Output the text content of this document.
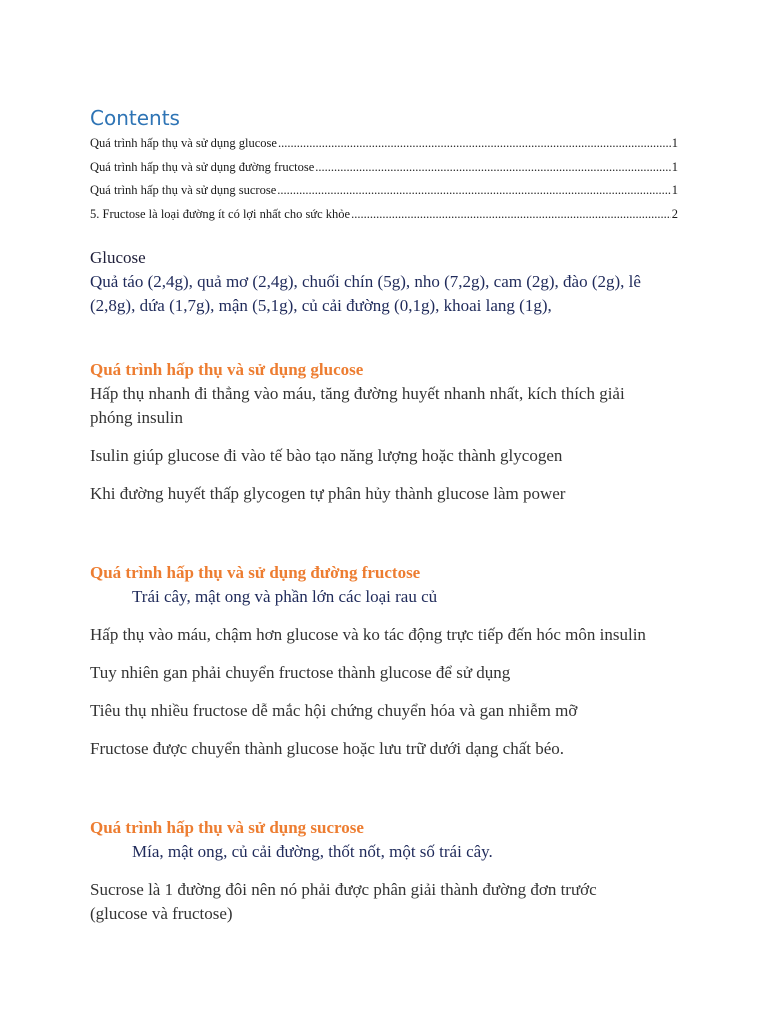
Contents
Quá trình hấp thụ và sử dụng glucose .....	1
Quá trình hấp thụ và sử dụng đường fructose .....	1
Quá trình hấp thụ và sử dụng sucrose .....	1
5. Fructose là loại đường ít có lợi nhất cho sức khỏe .....	2
Glucose
Quả táo (2,4g), quả mơ (2,4g), chuối chín (5g), nho (7,2g), cam (2g), đào (2g), lê
(2,8g), dứa (1,7g), mận (5,1g), củ cải đường (0,1g), khoai lang (1g),
Quá trình hấp thụ và sử dụng glucose
Hấp thụ nhanh đi thẳng vào máu, tăng đường huyết nhanh nhất, kích thích giải
phóng insulin
Isulin giúp glucose đi vào tế bào tạo năng lượng hoặc thành glycogen
Khi đường huyết thấp glycogen tự phân hủy thành glucose làm power
Quá trình hấp thụ và sử dụng đường fructose
Trái cây, mật ong và phần lớn các loại rau củ
Hấp thụ vào máu, chậm hơn glucose và ko tác động trực tiếp đến hóc môn insulin
Tuy nhiên gan phải chuyển fructose thành glucose để sử dụng
Tiêu thụ nhiều fructose dễ mắc hội chứng chuyển hóa và gan nhiễm mỡ
Fructose được chuyển thành glucose hoặc lưu trữ dưới dạng chất béo.
Quá trình hấp thụ và sử dụng sucrose
Mía, mật ong, củ cải đường, thốt nốt, một số trái cây.
Sucrose là 1 đường đôi nên nó phải được phân giải thành đường đơn trước
(glucose và fructose)
